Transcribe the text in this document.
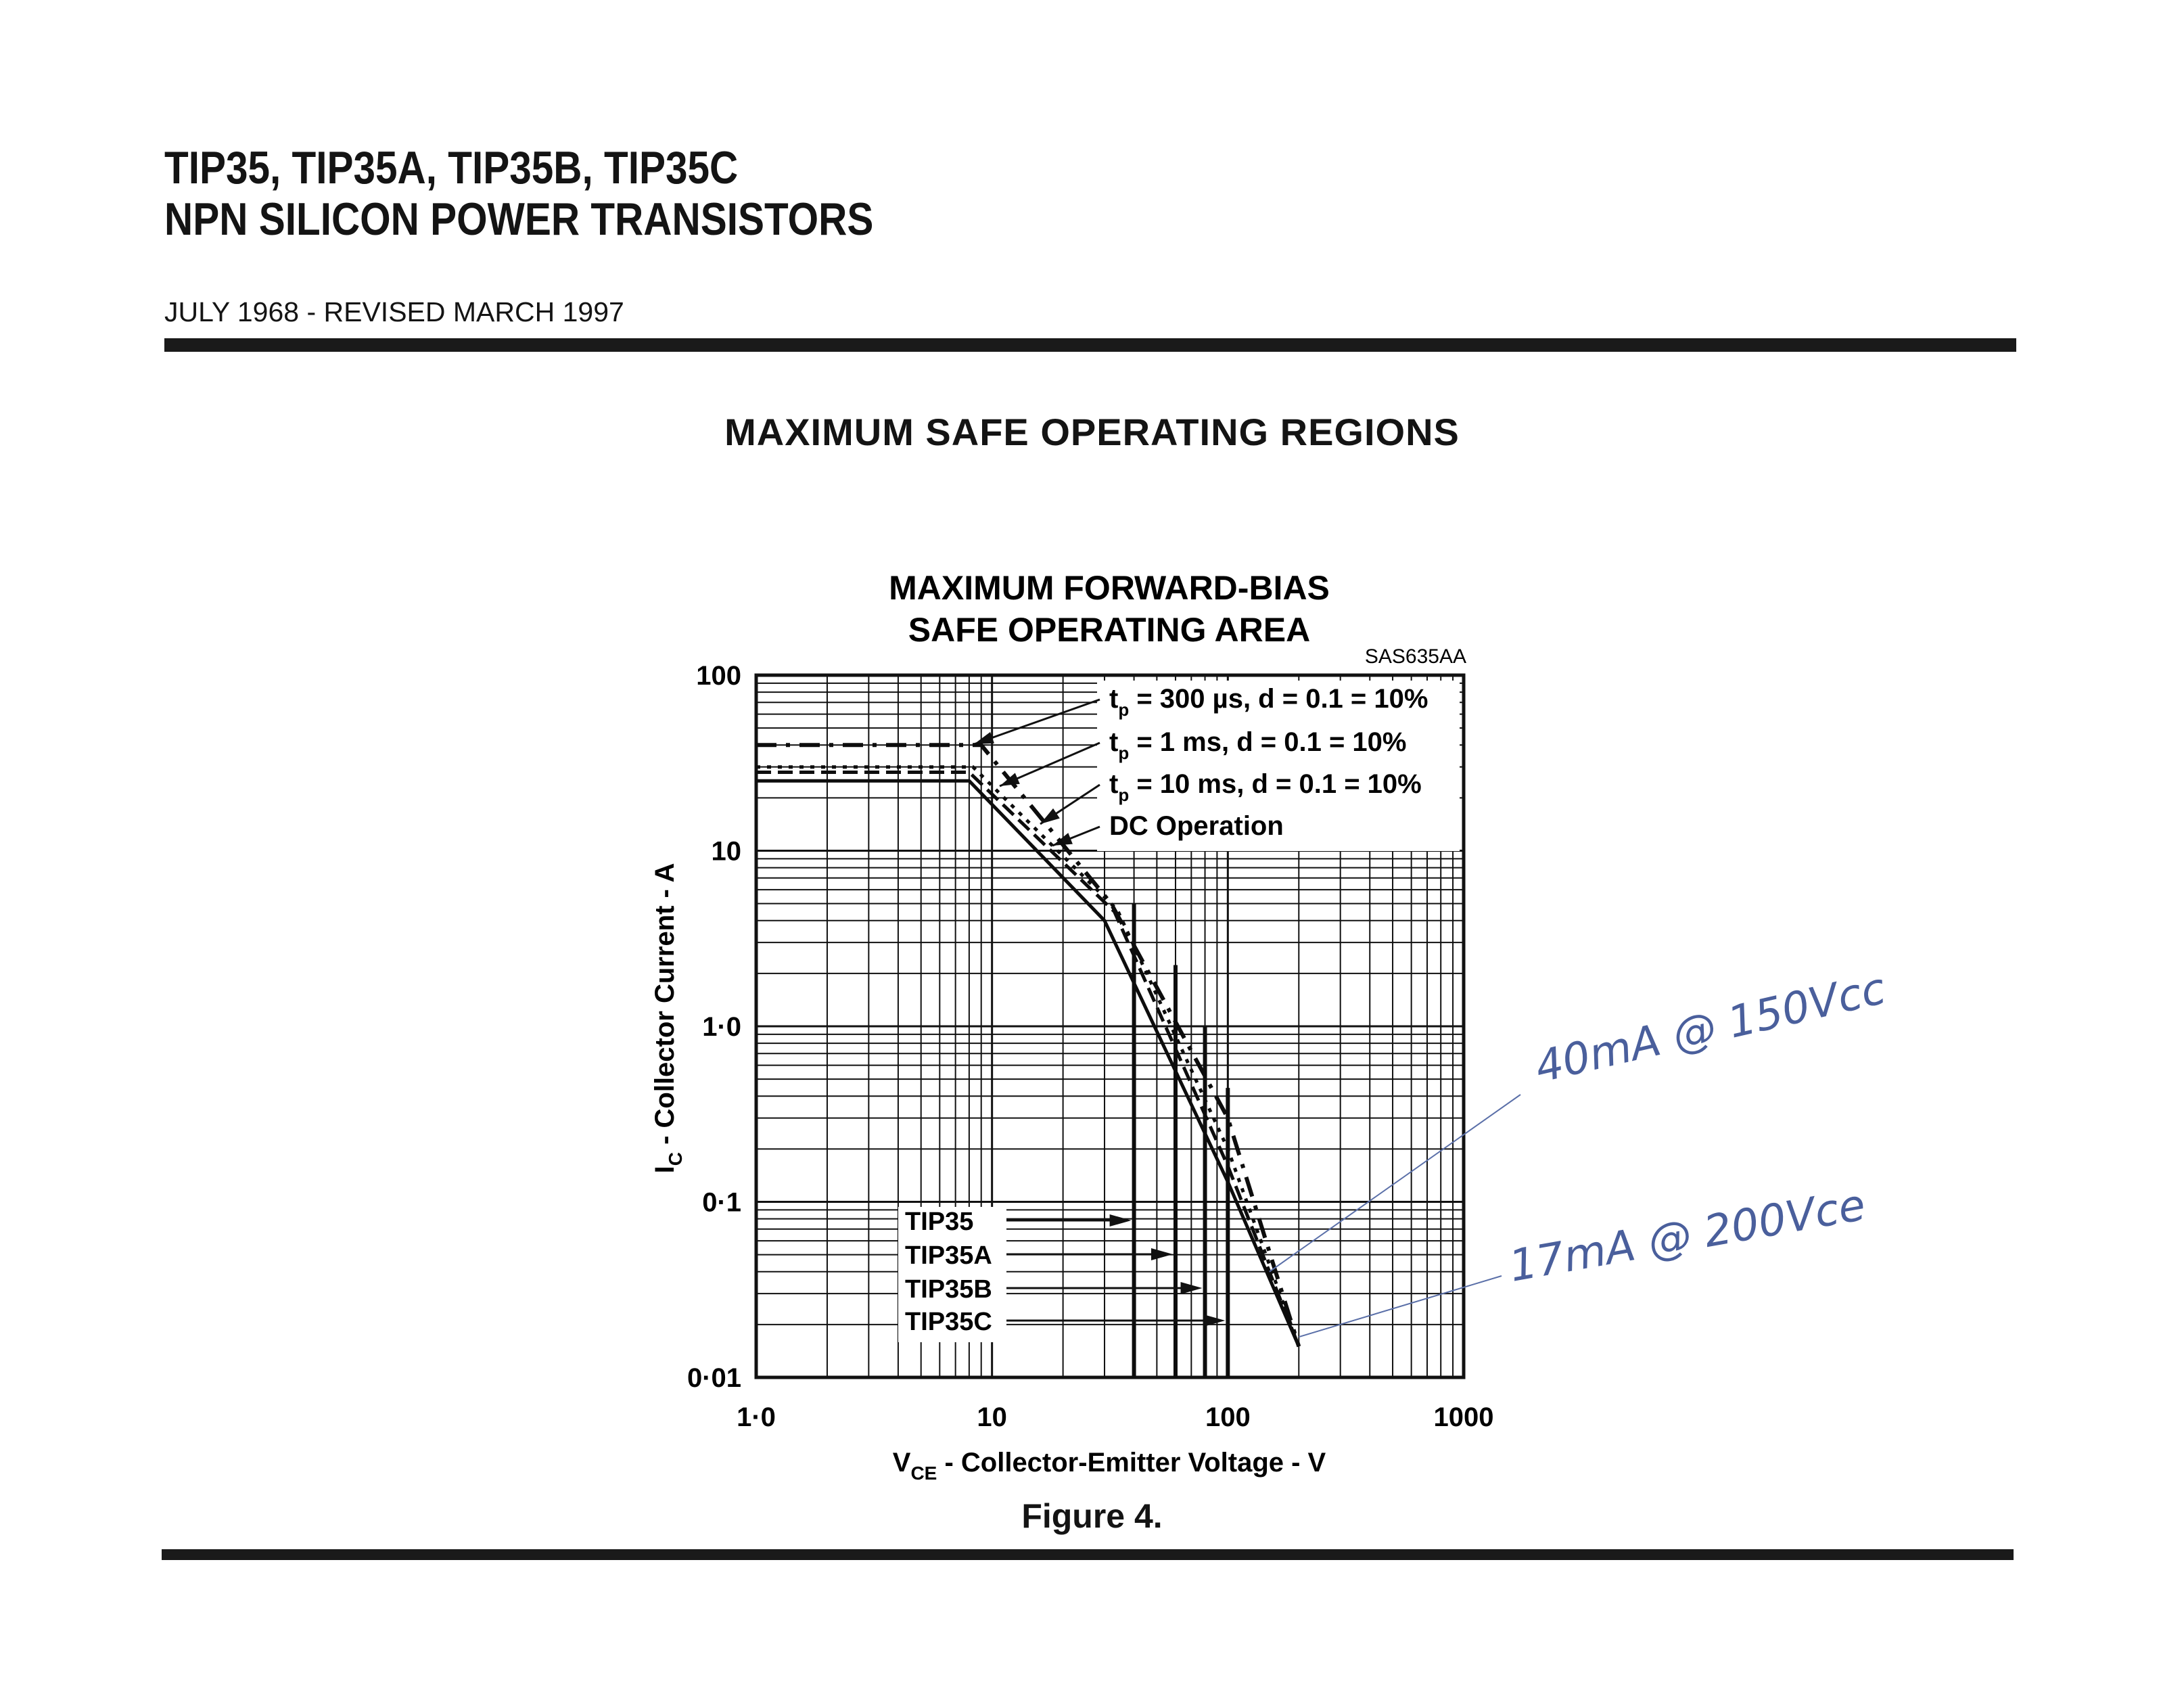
TIP35, TIP35A, TIP35B, TIP35C
NPN SILICON POWER TRANSISTORS
JULY 1968 - REVISED MARCH 1997
MAXIMUM SAFE OPERATING REGIONS
MAXIMUM FORWARD-BIAS
SAFE OPERATING AREA
SAS635AA
1·0	10	100	1000
100
10
1·0
0·1
0·01
$V_{CE}$ - Collector-Emitter Voltage - V
$I_C$ - Collector Current - A
$t_p = 300$ µs, d = 0.1 = 10%
$t_p = 1$ ms, d = 0.1 = 10%
$t_p = 10$ ms, d = 0.1 = 10%
DC Operation
TIP35
TIP35A
TIP35B
TIP35C
40mA @ 150Vcc
17mA @ 200Vce
Figure 4.
